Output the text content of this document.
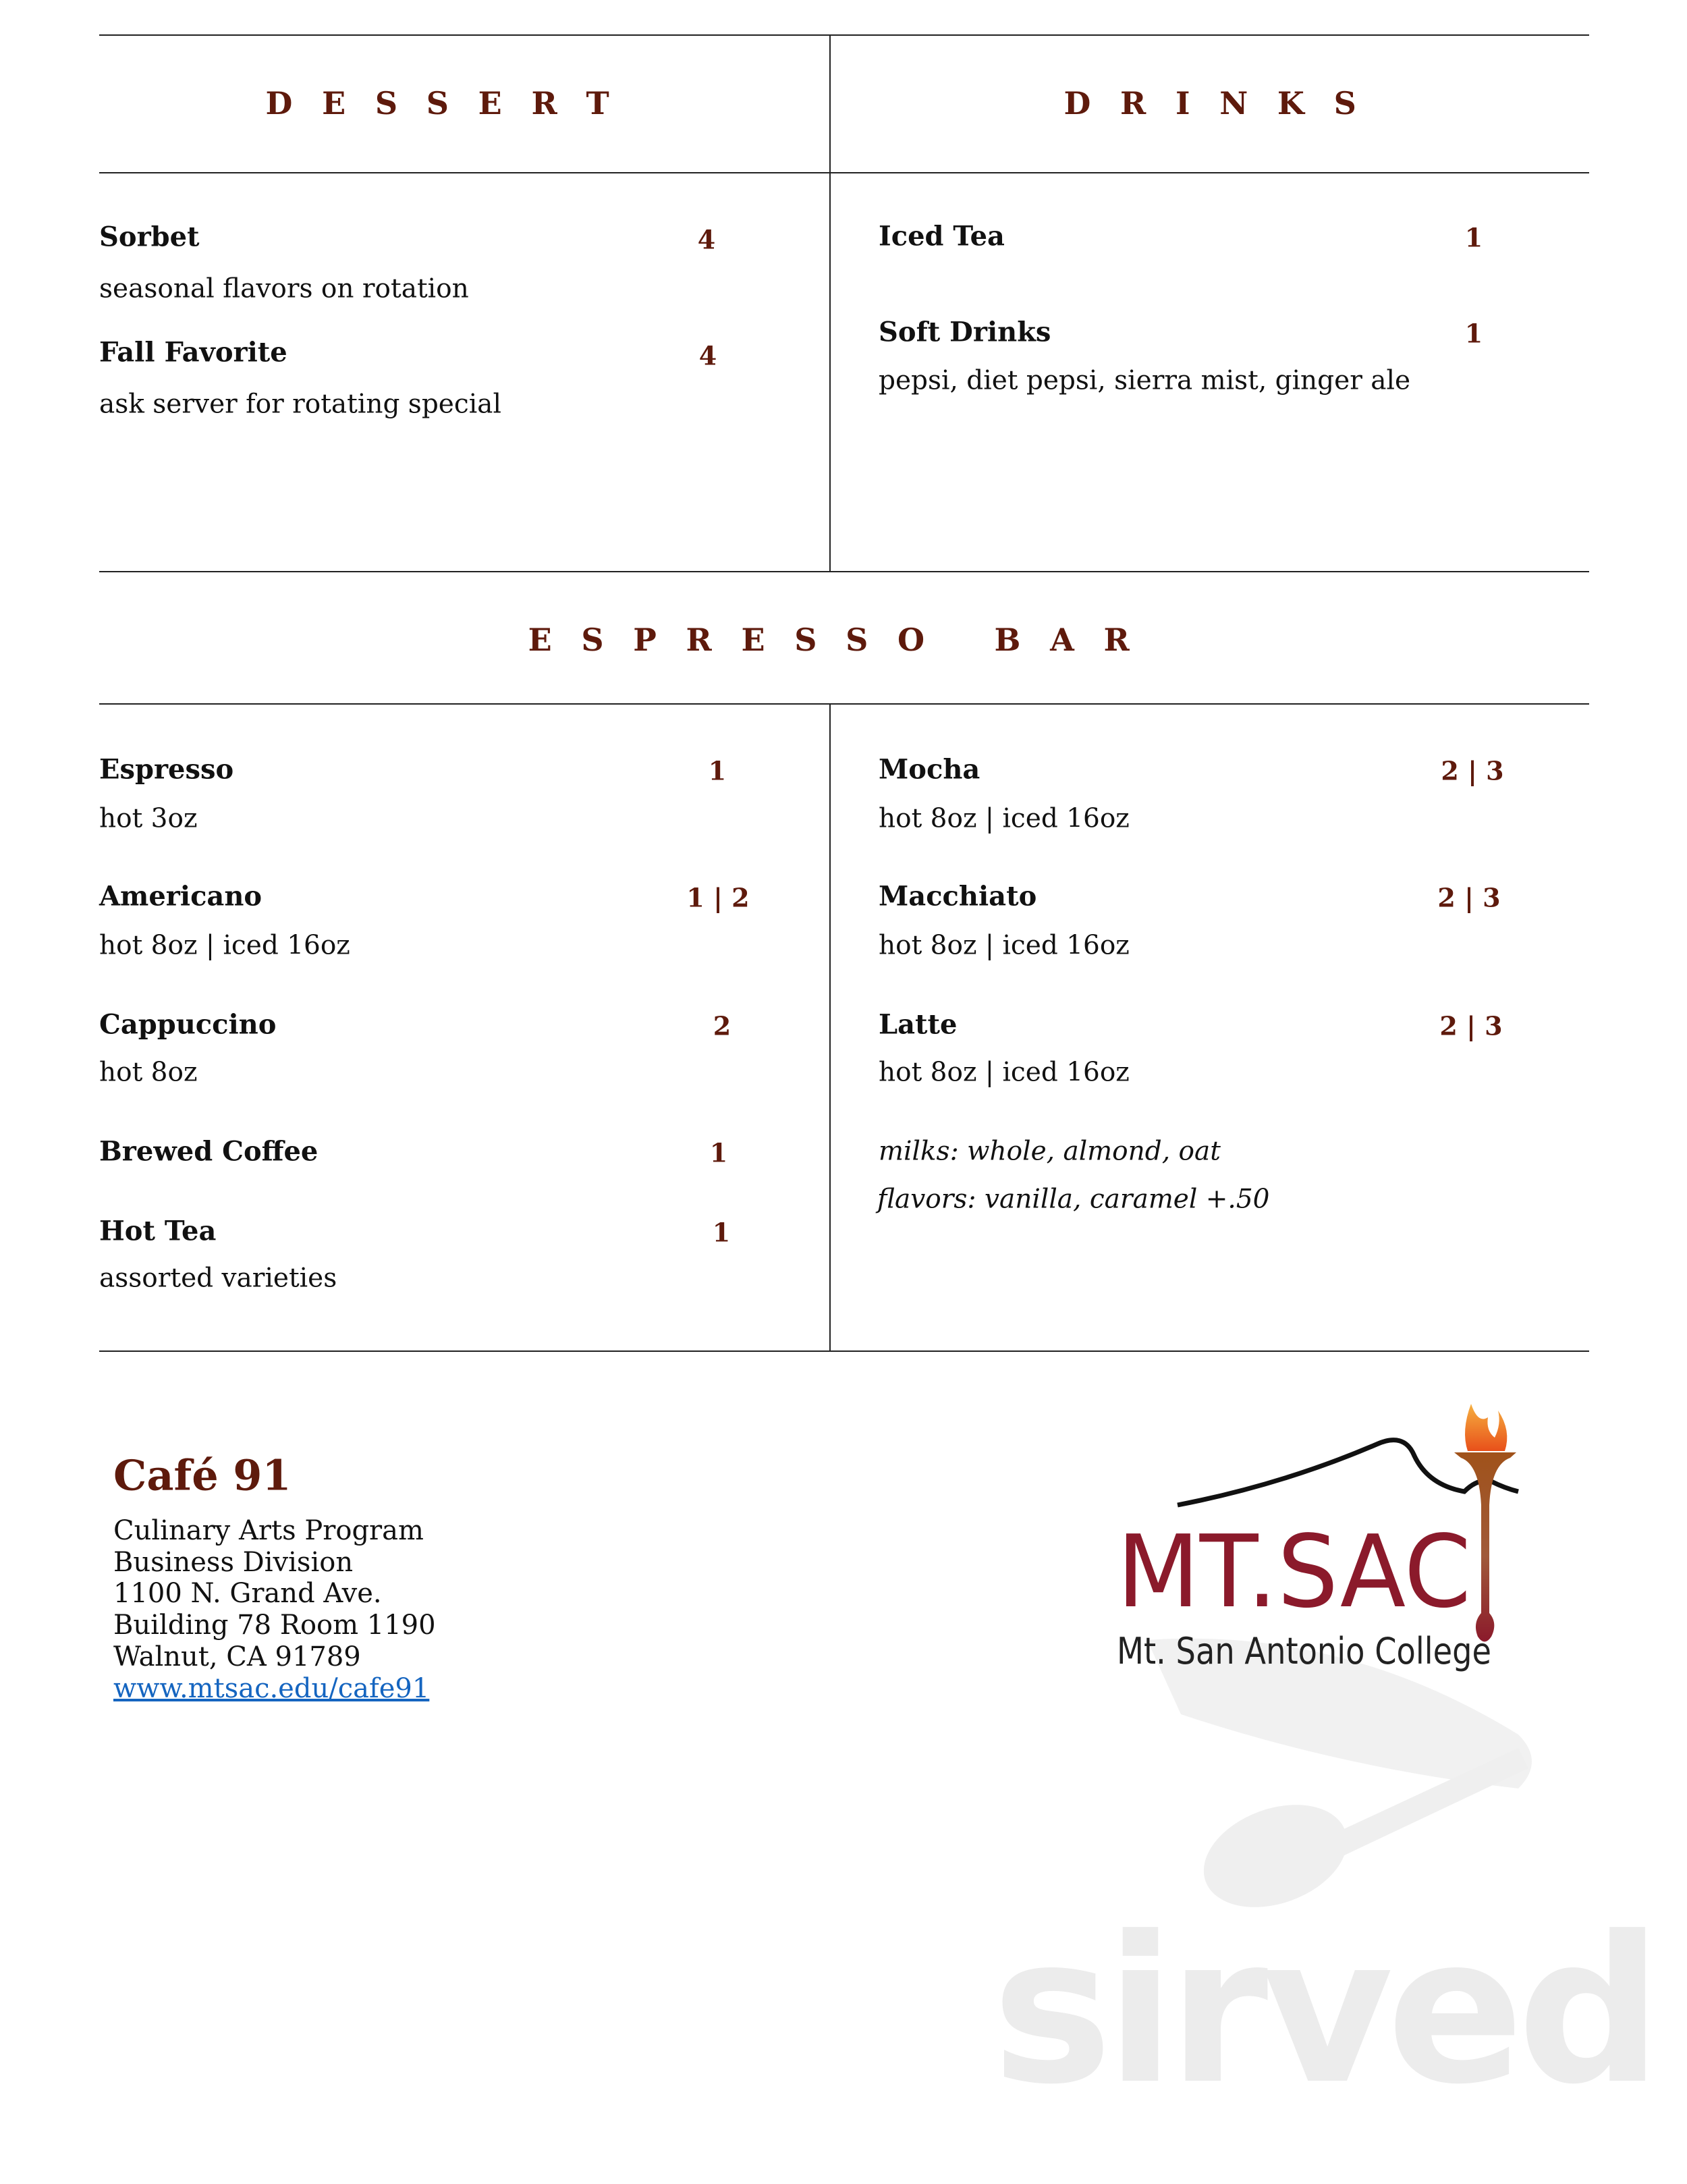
sirved
DESSERT
Sorbet	4
seasonal flavors on rotation
Fall Favorite	4
ask server for rotating special
DRINKS
Iced Tea	1
Soft Drinks	1
pepsi, diet pepsi, sierra mist, ginger ale
ESPRESSO BAR
Espresso	1
hot 3oz
Americano	1 | 2
hot 8oz | iced 16oz
Cappuccino	2
hot 8oz
Brewed Coffee	1
Hot Tea	1
assorted varieties
Mocha	2 | 3
hot 8oz | iced 16oz
Macchiato	2 | 3
hot 8oz | iced 16oz
Latte	2 | 3
hot 8oz | iced 16oz
milks: whole, almond, oat
flavors: vanilla, caramel +.50
Café 91
Culinary Arts Program
Business Division
1100 N. Grand Ave.
Building 78 Room 1190
Walnut, CA 91789
www.mtsac.edu/cafe91
MT.SAC
Mt. San Antonio College
